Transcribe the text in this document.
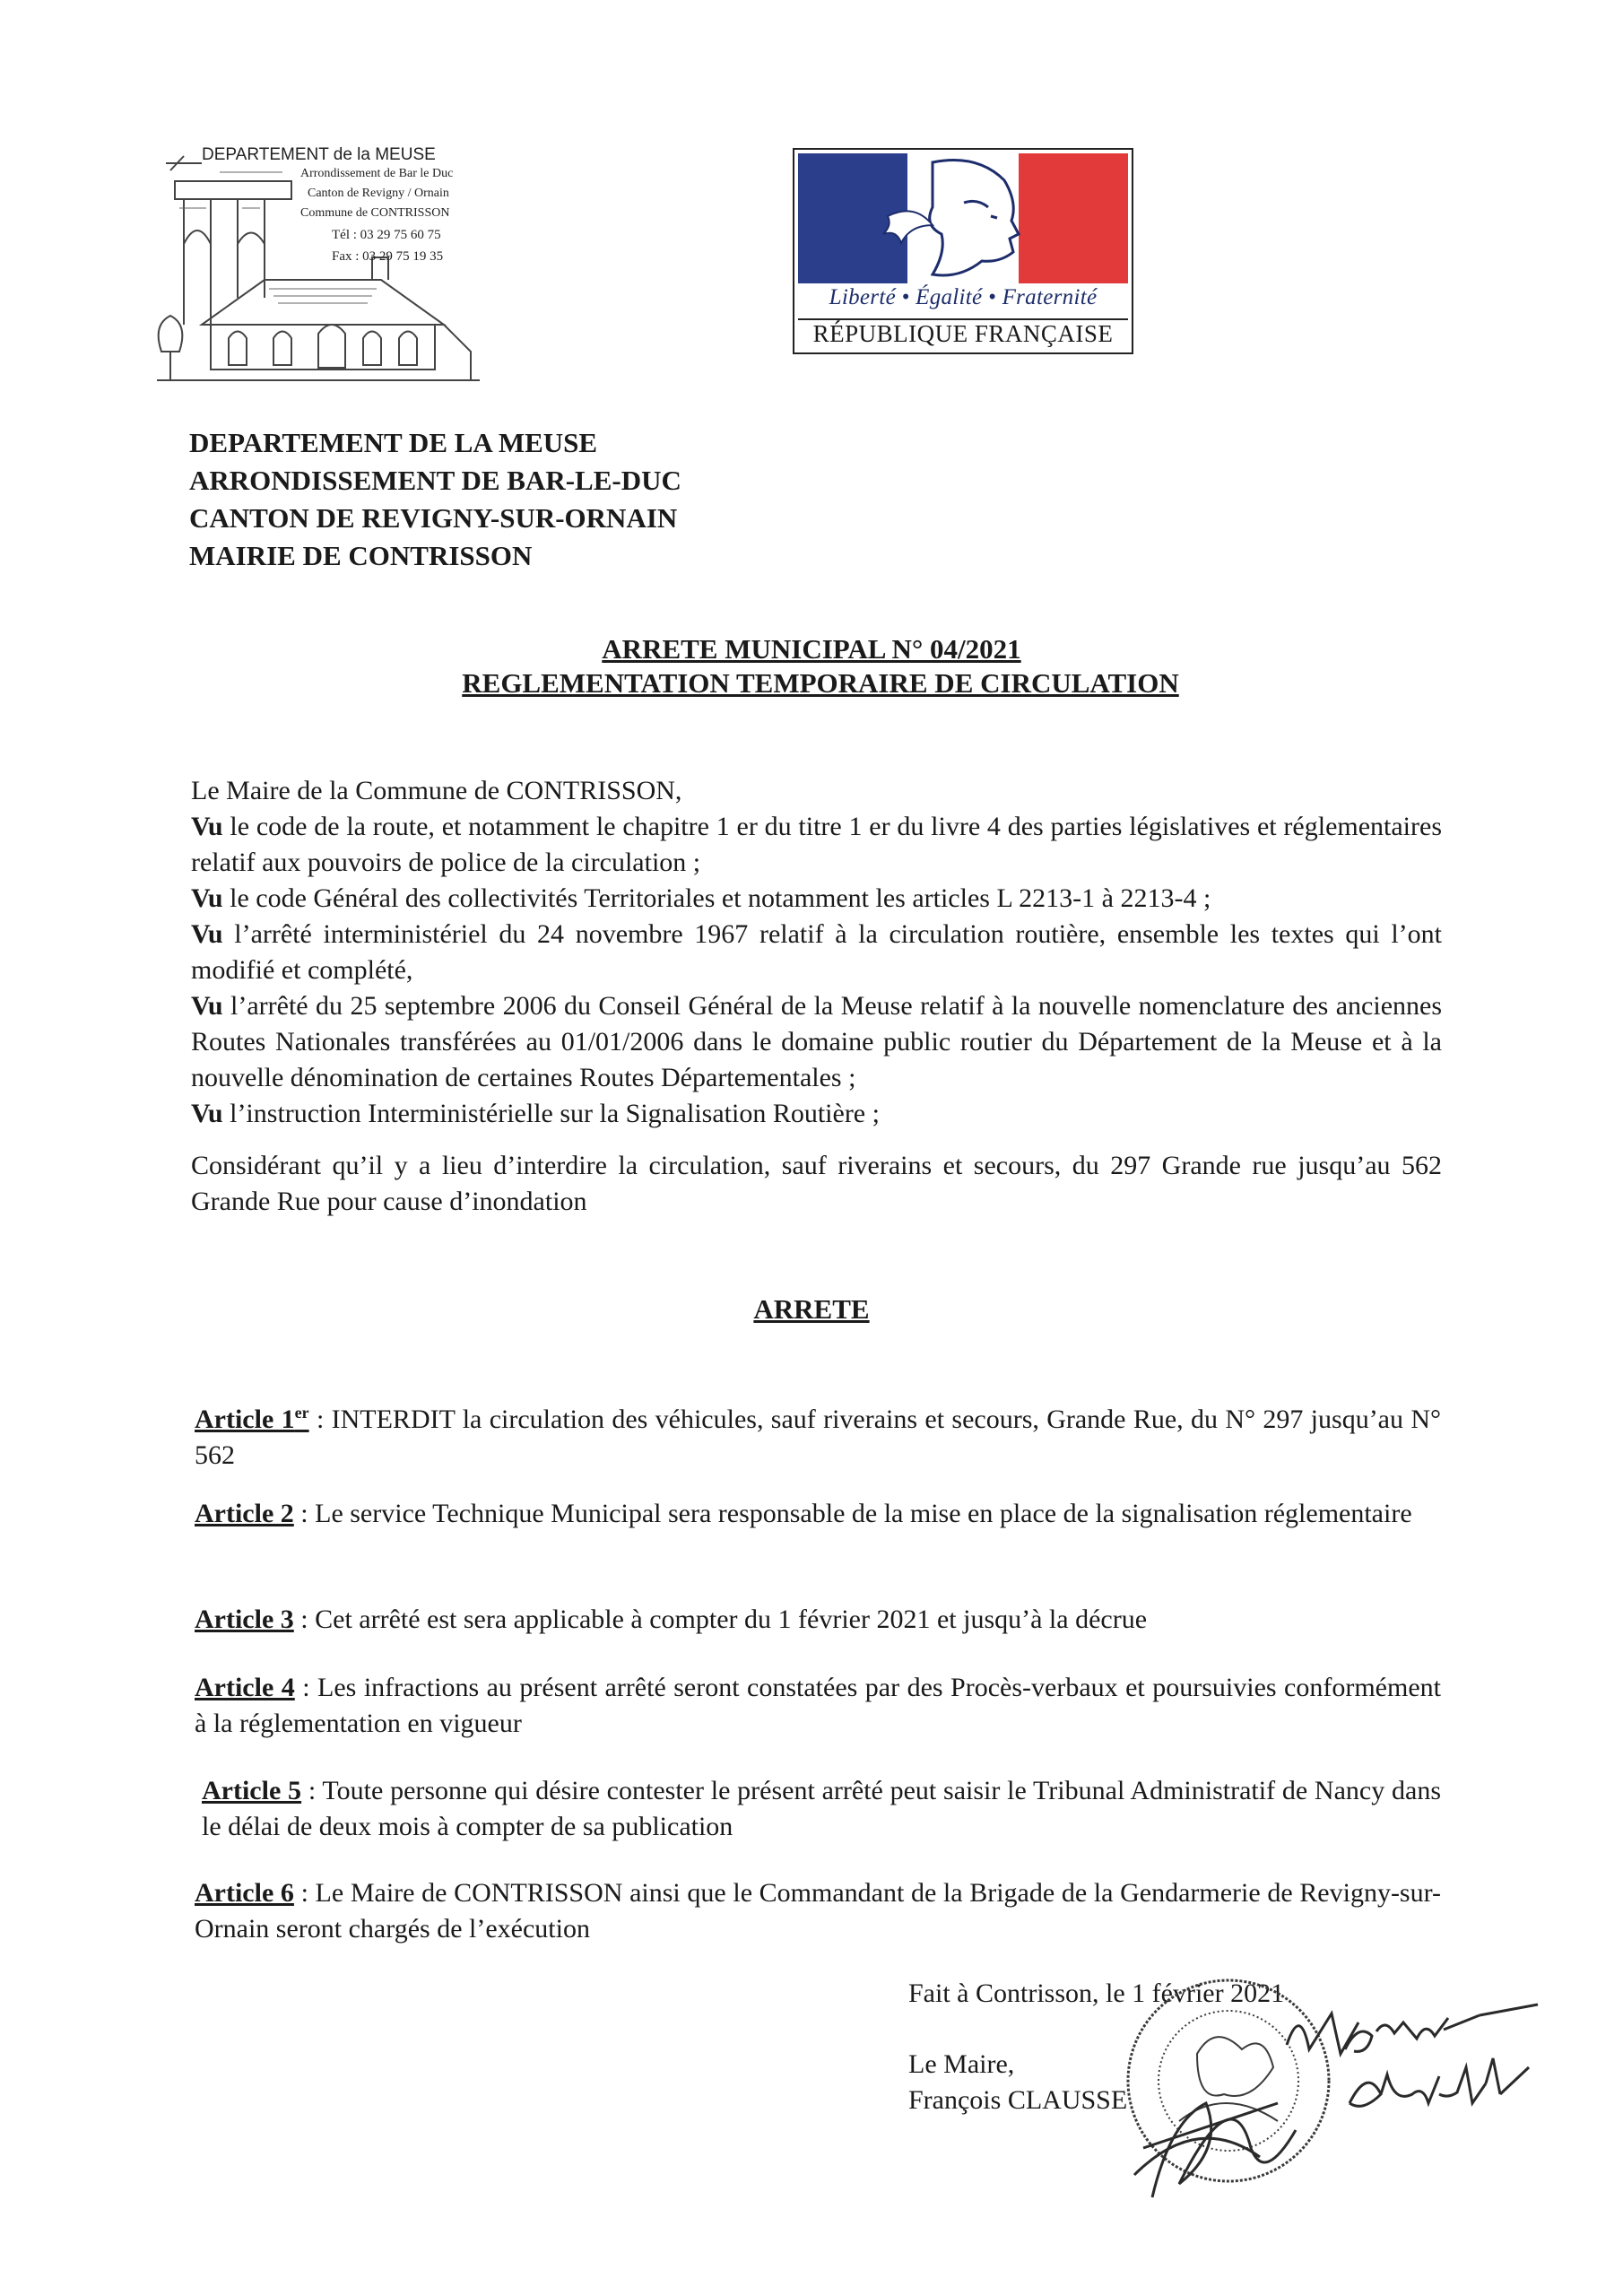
DEPARTEMENT de la MEUSE
Arrondissement de Bar le Duc
Canton de Revigny / Ornain
Commune de CONTRISSON
Tél : 03 29 75 60 75
Fax : 03 29 75 19 35
Liberté • Égalité • Fraternité
RÉPUBLIQUE FRANÇAISE
DEPARTEMENT DE LA MEUSE
ARRONDISSEMENT DE BAR-LE-DUC
CANTON DE REVIGNY-SUR-ORNAIN
MAIRIE DE CONTRISSON
ARRETE MUNICIPAL N° 04/2021
REGLEMENTATION TEMPORAIRE DE CIRCULATION

Le Maire de la Commune de CONTRISSON,

Vu le code de la route, et notamment le chapitre 1 er du titre 1 er du livre 4 des parties législatives et réglementaires relatif aux pouvoirs de police de la circulation ;

Vu le code Général des collectivités Territoriales et notamment les articles L 2213-1 à 2213-4 ;

Vu l’arrêté interministériel du 24 novembre 1967 relatif à la circulation routière, ensemble les textes qui l’ont modifié et complété,

Vu l’arrêté du 25 septembre 2006 du Conseil Général de la Meuse relatif à la nouvelle nomenclature des anciennes Routes Nationales transférées au 01/01/2006 dans le domaine public routier du Département de la Meuse et à la nouvelle dénomination de certaines Routes Départementales ;

Vu l’instruction Interministérielle sur la Signalisation Routière ;

Considérant qu’il y a lieu d’interdire la circulation, sauf riverains et secours, du 297 Grande rue jusqu’au 562 Grande Rue pour cause d’inondation
ARRETE
Article 1er : INTERDIT la circulation des véhicules, sauf riverains et secours, Grande Rue, du N° 297 jusqu’au N° 562
Article 2 : Le service Technique Municipal sera responsable de la mise en place de la signalisation réglementaire
Article 3 : Cet arrêté est sera applicable à compter du 1 février 2021 et jusqu’à la décrue
Article 4 : Les infractions au présent arrêté seront constatées par des Procès-verbaux et poursuivies conformément à la réglementation en vigueur
Article 5 : Toute personne qui désire contester le présent arrêté peut saisir le Tribunal Administratif de Nancy dans le délai de deux mois à compter de sa publication
Article 6 : Le Maire de CONTRISSON ainsi que le Commandant de la Brigade de la Gendarmerie de Revigny-sur-Ornain seront chargés de l’exécution
Fait à Contrisson, le 1 février 2021
Le Maire,
François CLAUSSE
